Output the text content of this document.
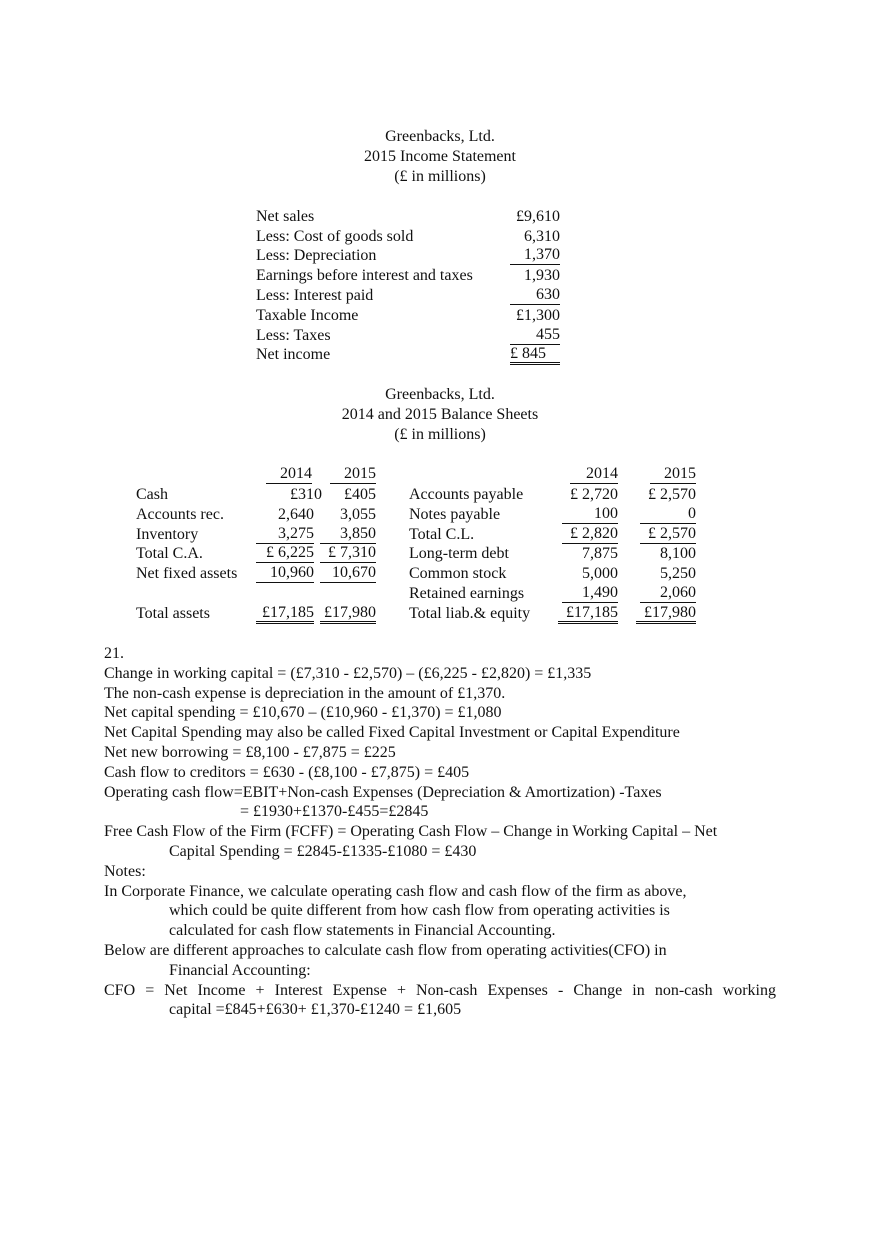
Greenbacks, Ltd.
2015 Income Statement
(£ in millions)
Net sales	£9,610
Less: Cost of goods sold	6,310
Less: Depreciation	1,370
Earnings before interest and taxes	1,930
Less: Interest paid	630
Taxable Income	£1,300
Less: Taxes	455
Net income	£ 845
Greenbacks, Ltd.
2014 and 2015 Balance Sheets
(£ in millions)
2014	2015	2014	2015
Cash	£310	£405
Accounts rec.	2,640	3,055
Inventory	3,275	3,850
Total C.A.	£ 6,225 £ 7,310
Net fixed assets	10,960	10,670
Total assets	£17,185 £17,980
Accounts payable	£ 2,720	£ 2,570
Notes payable	100	0
Total C.L.	£ 2,820	£ 2,570
Long-term debt	7,875	8,100
Common stock	5,000	5,250
Retained earnings	1,490	2,060
Total liab.& equity	£17,185	£17,980
21.
Change in working capital = (£7,310 - £2,570) – (£6,225 - £2,820) = £1,335
The non-cash expense is depreciation in the amount of £1,370.
Net capital spending = £10,670 – (£10,960 - £1,370) = £1,080
Net Capital Spending may also be called Fixed Capital Investment or Capital Expenditure
Net new borrowing = £8,100 - £7,875 = £225
Cash flow to creditors = £630 - (£8,100 - £7,875) = £405
Operating cash flow=EBIT+Non-cash Expenses (Depreciation & Amortization) -Taxes
= £1930+£1370-£455=£2845
Free Cash Flow of the Firm (FCFF) = Operating Cash Flow – Change in Working Capital – Net
Capital Spending = £2845-£1335-£1080 = £430
Notes:
In Corporate Finance, we calculate operating cash flow and cash flow of the firm as above,
which could be quite different from how cash flow from operating activities is
calculated for cash flow statements in Financial Accounting.
Below are different approaches to calculate cash flow from operating activities(CFO) in
Financial Accounting:
CFO = Net Income + Interest Expense + Non-cash Expenses - Change in non-cash working
capital =£845+£630+ £1,370-£1240 = £1,605
